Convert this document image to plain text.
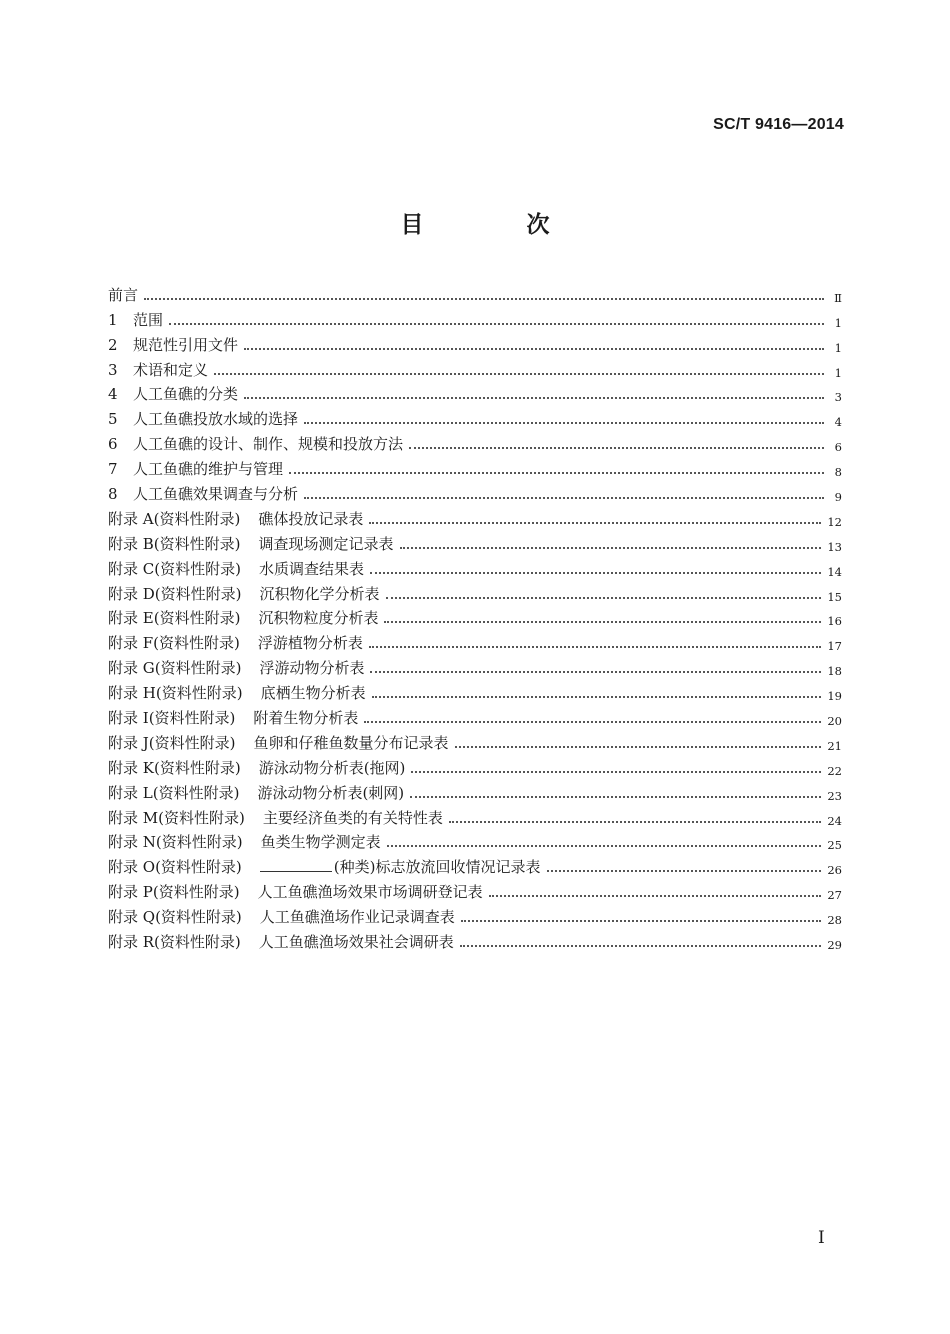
SC/T 9416—2014
目　次
前言	Ⅱ
1 范围	1
2 规范性引用文件	1
3 术语和定义	1
4 人工鱼礁的分类	3
5 人工鱼礁投放水域的选择	4
6 人工鱼礁的设计、制作、规模和投放方法	6
7 人工鱼礁的维护与管理	8
8 人工鱼礁效果调查与分析	9
附录 A(资料性附录) 礁体投放记录表	12
附录 B(资料性附录) 调查现场测定记录表	13
附录 C(资料性附录) 水质调查结果表	14
附录 D(资料性附录) 沉积物化学分析表	15
附录 E(资料性附录) 沉积物粒度分析表	16
附录 F(资料性附录) 浮游植物分析表	17
附录 G(资料性附录) 浮游动物分析表	18
附录 H(资料性附录) 底栖生物分析表	19
附录 I(资料性附录) 附着生物分析表	20
附录 J(资料性附录) 鱼卵和仔稚鱼数量分布记录表	21
附录 K(资料性附录) 游泳动物分析表(拖网)	22
附录 L(资料性附录) 游泳动物分析表(刺网)	23
附录 M(资料性附录) 主要经济鱼类的有关特性表	24
附录 N(资料性附录) 鱼类生物学测定表	25
附录 O(资料性附录)	(种类)标志放流回收情况记录表	26
附录 P(资料性附录) 人工鱼礁渔场效果市场调研登记表	27
附录 Q(资料性附录) 人工鱼礁渔场作业记录调查表	28
附录 R(资料性附录) 人工鱼礁渔场效果社会调研表	29
Ⅰ
